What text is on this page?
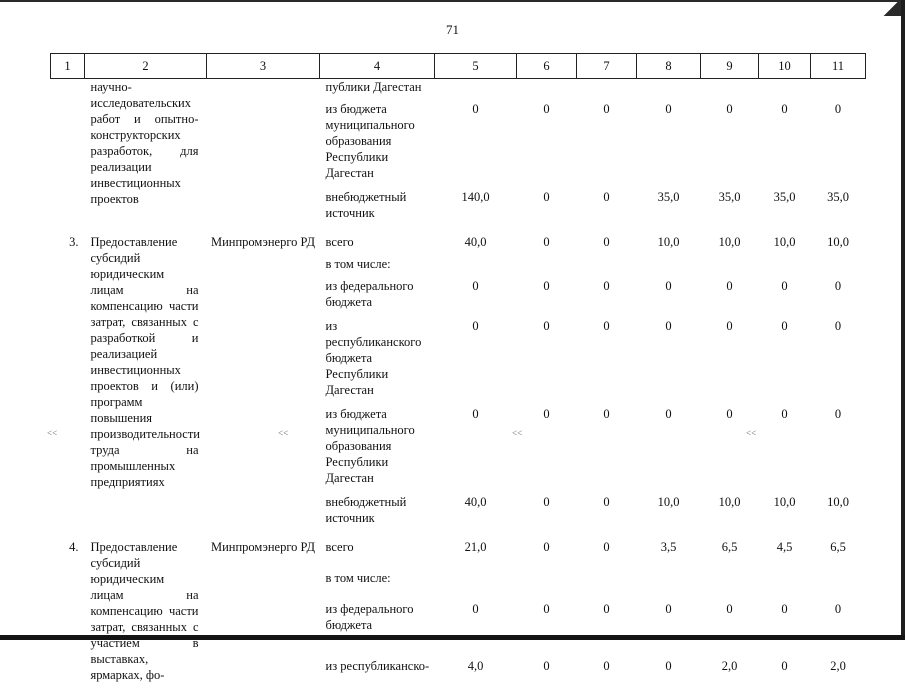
71
1	2	3	4	5	6	7	8	9	10	11
	научно-исследовательских работ и опытно-конструкторских разработок, для реализации инвестиционных проектов		публики Дагестан							
			из бюджета муниципального образования Республики Дагестан	0	0	0	0	0	0	0
			внебюджетный источник	140,0	0	0	35,0	35,0	35,0	35,0

3.	Предоставление субсидий юридическим лицам на компенсацию части затрат, связанных с разработкой и реализацией инвестиционных проектов и (или) программ повышения производительности труда на промышленных предприятиях	Минпромэнерго РД	всего	40,0	0	0	10,0	10,0	10,0	10,0
			в том числе:							
			из федерального бюджета	0	0	0	0	0	0	0
			из республиканского бюджета Республики Дагестан	0	0	0	0	0	0	0
			из бюджета муниципального образования Республики Дагестан	0	0	0	0	0	0	0
			внебюджетный источник	40,0	0	0	10,0	10,0	10,0	10,0

4.	Предоставление субсидий юридическим лицам на компенсацию части затрат, связанных с участием в выставках, ярмарках, фо-	Минпромэнерго РД	всего	21,0	0	0	3,5	6,5	4,5	6,5
			в том числе:							
			из федерального бюджета	0	0	0	0	0	0	0
			из республиканско-	4,0	0	0	0	2,0	0	2,0
˂˂	˂˂	˂˂	˂˂
